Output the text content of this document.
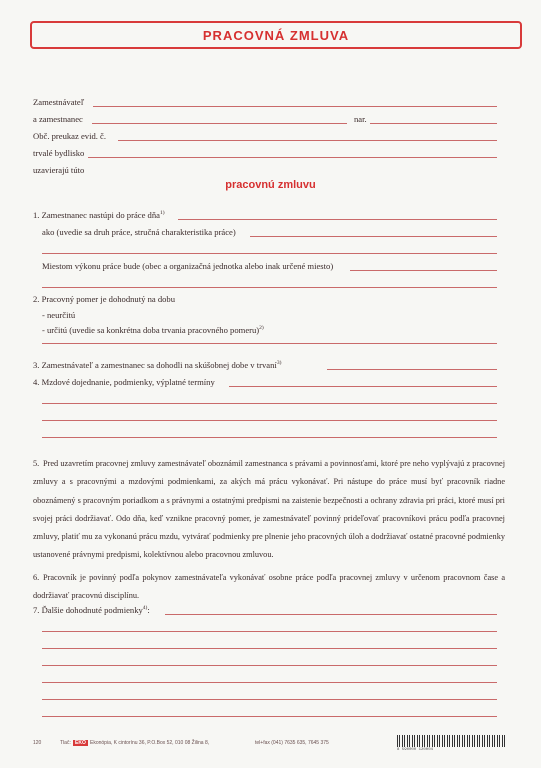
PRACOVNÁ ZMLUVA
Zamestnávateľ
a zamestnanec	nar.
Obč. preukaz evid. č.
trvalé bydlisko
uzavierajú túto
pracovnú zmluvu
1. Zamestnanec nastúpi do práce dňa$^{1)}$
ako (uvedie sa druh práce, stručná charakteristika práce)
Miestom výkonu práce bude (obec a organizačná jednotka alebo inak určené miesto)
2. Pracovný pomer je dohodnutý na dobu
- neurčitú
- určitú (uvedie sa konkrétna doba trvania pracovného pomeru)$^{2)}$
3. Zamestnávateľ a zamestnanec sa dohodli na skúšobnej dobe v trvaní$^{3)}$
4. Mzdové dojednanie, podmienky, výplatné termíny
5. Pred uzavretím pracovnej zmluvy zamestnávateľ oboznámil zamestnanca s právami a povinnosťami, ktoré pre neho vyplývajú z pracovnej zmluvy a s pracovnými a mzdovými podmienkami, za akých má prácu vykonávať. Pri nástupe do práce musí byť pracovník riadne oboznámený s pracovným poriadkom a s právnymi a ostatnými predpismi na zaistenie bezpečnosti a ochrany zdravia pri práci, ktoré musí pri svojej práci dodržiavať. Odo dňa, keď vznikne pracovný pomer, je zamestnávateľ povinný prideľovať pracovníkovi prácu podľa pracovnej zmluvy, platiť mu za vykonanú prácu mzdu, vytvárať podmienky pre plnenie jeho pracovných úloh a dodržiavať ostatné pracovné podmienky ustanovené právnymi predpismi, kolektívnou alebo pracovnou zmluvou.
6. Pracovník je povinný podľa pokynov zamestnávateľa vykonávať osobne práce podľa pracovnej zmluvy v určenom pracovnom čase a dodržiavať pracovnú disciplínu.
7. Ďalšie dohodnuté podmienky$^{4)}$:
120	Tlač: EKO Ekonópia, K cintorínu 36, P.O.Box 52, 010 08 Žilina 8,	tel+fax (041) 7635 635, 7645 375
8 590000 120004
